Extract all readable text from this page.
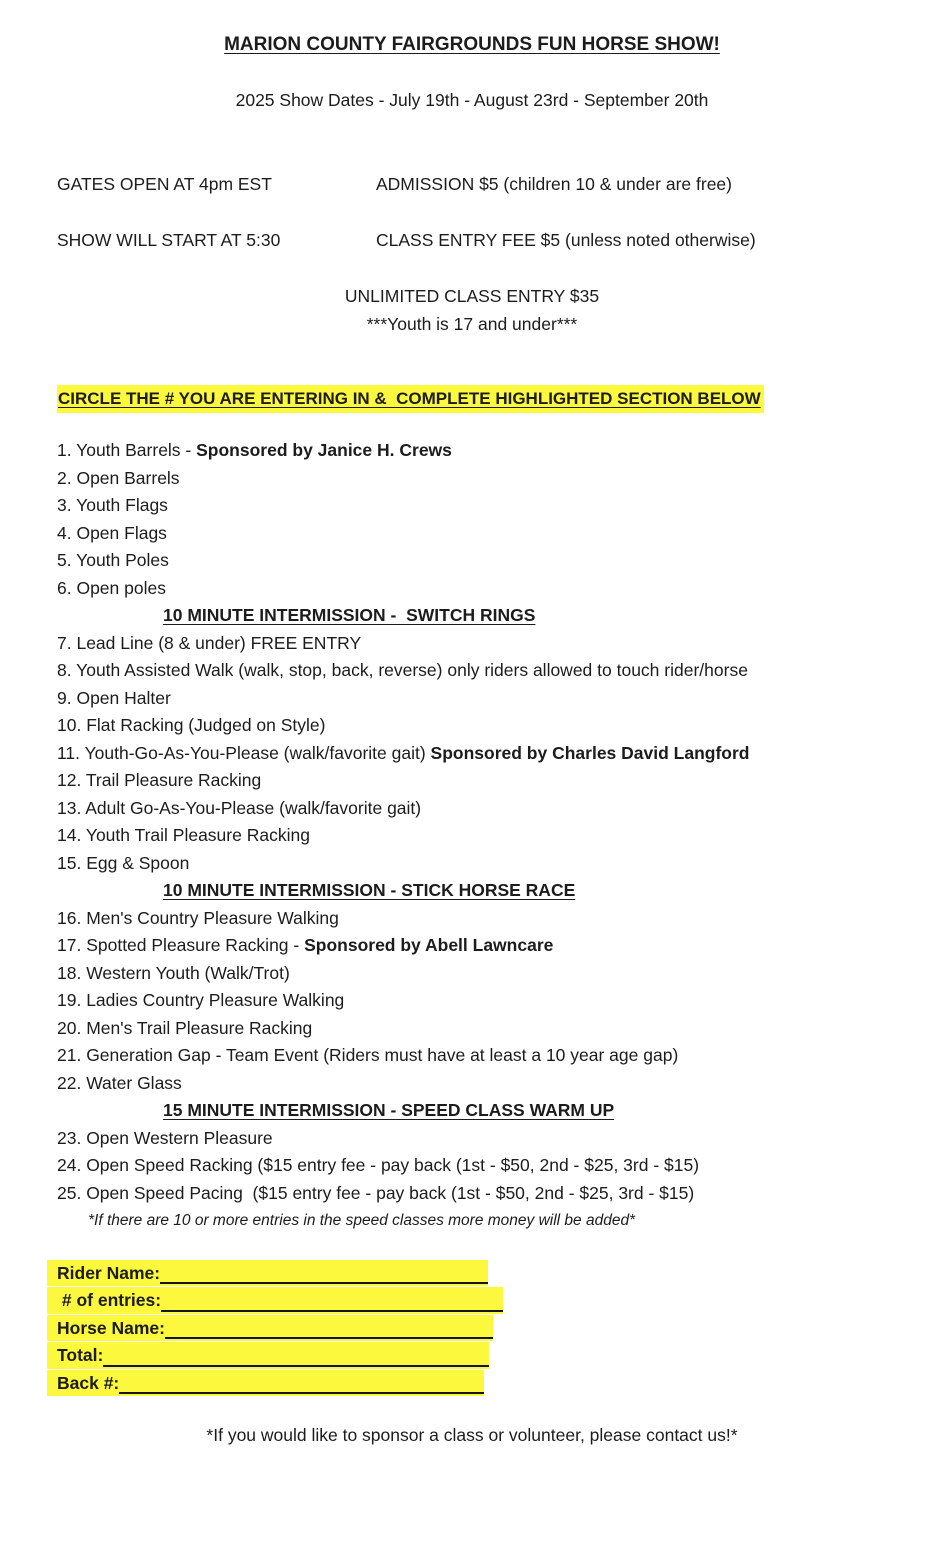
MARION COUNTY FAIRGROUNDS FUN HORSE SHOW!
2025 Show Dates - July 19th - August 23rd - September 20th
GATES OPEN AT 4pm EST	ADMISSION $5 (children 10 & under are free)
SHOW WILL START AT 5:30	CLASS ENTRY FEE $5 (unless noted otherwise)
UNLIMITED CLASS ENTRY $35
***Youth is 17 and under***
CIRCLE THE # YOU ARE ENTERING IN &  COMPLETE HIGHLIGHTED SECTION BELOW
1. Youth Barrels - Sponsored by Janice H. Crews
2. Open Barrels
3. Youth Flags
4. Open Flags
5. Youth Poles
6. Open poles
10 MINUTE INTERMISSION -  SWITCH RINGS
7. Lead Line (8 & under) FREE ENTRY
8. Youth Assisted Walk (walk, stop, back, reverse) only riders allowed to touch rider/horse
9. Open Halter
10. Flat Racking (Judged on Style)
11. Youth-Go-As-You-Please (walk/favorite gait) Sponsored by Charles David Langford
12. Trail Pleasure Racking
13. Adult Go-As-You-Please (walk/favorite gait)
14. Youth Trail Pleasure Racking
15. Egg & Spoon
10 MINUTE INTERMISSION - STICK HORSE RACE
16. Men's Country Pleasure Walking
17. Spotted Pleasure Racking - Sponsored by Abell Lawncare
18. Western Youth (Walk/Trot)
19. Ladies Country Pleasure Walking
20. Men's Trail Pleasure Racking
21. Generation Gap - Team Event (Riders must have at least a 10 year age gap)
22. Water Glass
15 MINUTE INTERMISSION - SPEED CLASS WARM UP
23. Open Western Pleasure
24. Open Speed Racking ($15 entry fee - pay back (1st - $50, 2nd - $25, 3rd - $15)
25. Open Speed Pacing  ($15 entry fee - pay back (1st - $50, 2nd - $25, 3rd - $15)
*If there are 10 or more entries in the speed classes more money will be added*
Rider Name:
# of entries:
Horse Name:
Total:
Back #:
*If you would like to sponsor a class or volunteer, please contact us!*
